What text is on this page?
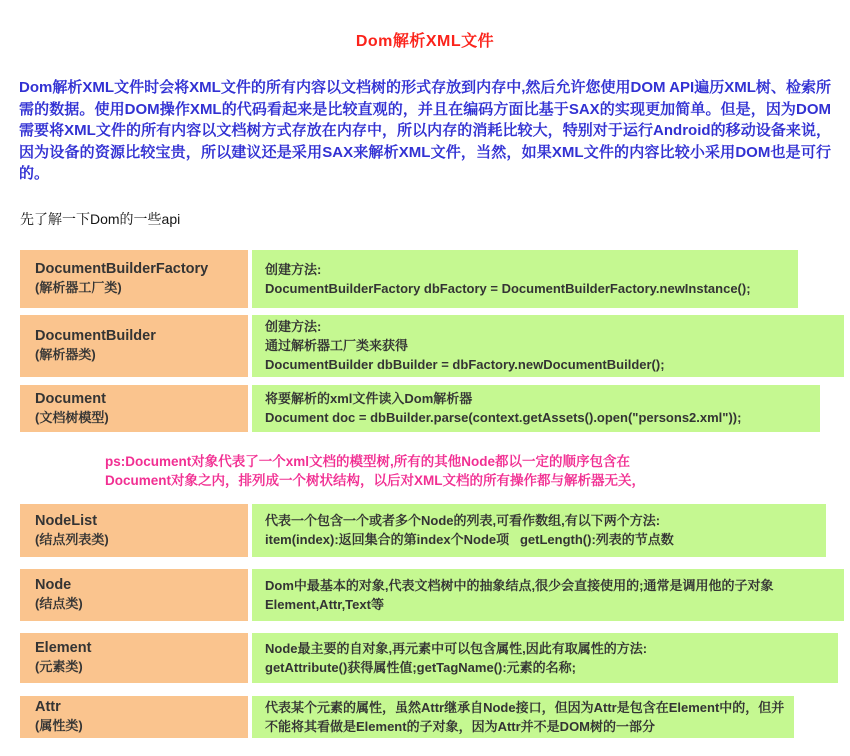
Dom解析XML文件

Dom解析XML文件时会将XML文件的所有内容以文档树的形式存放到内存中,然后允许您使用DOM API遍历XML树、检索所需的数据。使用DOM操作XML的代码看起来是比较直观的，并且在编码方面比基于SAX的实现更加简单。但是，因为DOM需要将XML文件的所有内容以文档树方式存放在内存中，所以内存的消耗比较大，特别对于运行Android的移动设备来说，因为设备的资源比较宝贵，所以建议还是采用SAX来解析XML文件，当然，如果XML文件的内容比较小采用DOM也是可行的。

先了解一下Dom的一些api
DocumentBuilderFactory
(解析器工厂类)
创建方法:
DocumentBuilderFactory dbFactory = DocumentBuilderFactory.newInstance();
DocumentBuilder
(解析器类)
创建方法:
通过解析器工厂类来获得
DocumentBuilder dbBuilder = dbFactory.newDocumentBuilder();
Document
(文档树模型)
将要解析的xml文件读入Dom解析器
Document doc = dbBuilder.parse(context.getAssets().open("persons2.xml"));
ps:Document对象代表了一个xml文档的模型树,所有的其他Node都以一定的顺序包含在
Document对象之内，排列成一个树状结构，以后对XML文档的所有操作都与解析器无关，
NodeList
(结点列表类)
代表一个包含一个或者多个Node的列表,可看作数组,有以下两个方法:
item(index):返回集合的第index个Node项   getLength():列表的节点数
Node
(结点类)
Dom中最基本的对象,代表文档树中的抽象结点,很少会直接使用的;通常是调用他的子对象
Element,Attr,Text等
Element
(元素类)
Node最主要的自对象,再元素中可以包含属性,因此有取属性的方法:
getAttribute()获得属性值;getTagName():元素的名称;
Attr
(属性类)
代表某个元素的属性，虽然Attr继承自Node接口，但因为Attr是包含在Element中的，但并
不能将其看做是Element的子对象，因为Attr并不是DOM树的一部分
